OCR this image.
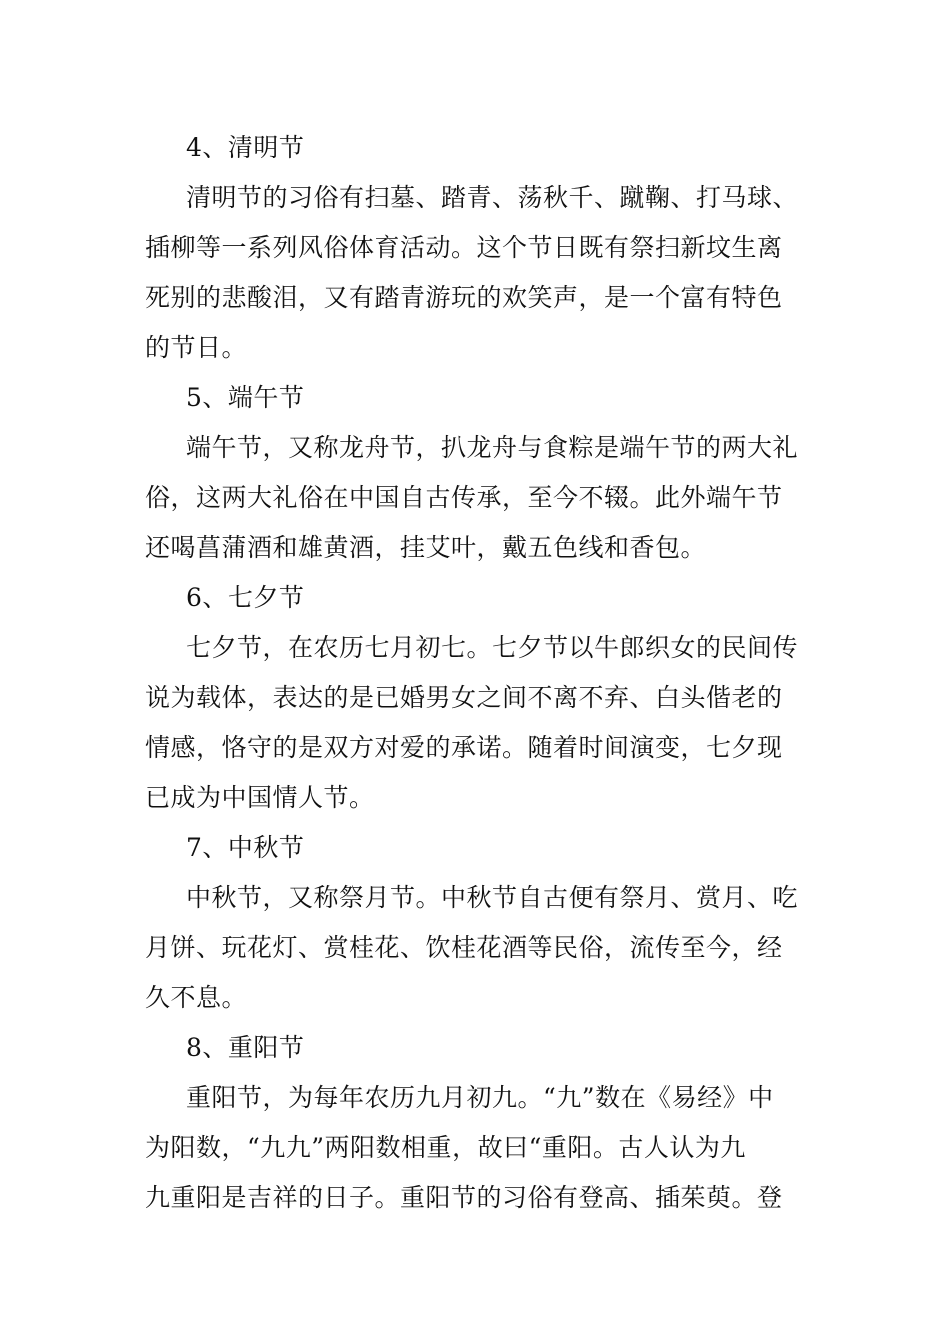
4、清明节
清明节的习俗有扫墓、踏青、荡秋千、蹴鞠、打马球、
插柳等一系列风俗体育活动。这个节日既有祭扫新坟生离
死别的悲酸泪，又有踏青游玩的欢笑声，是一个富有特色
的节日。
5、端午节
端午节，又称龙舟节，扒龙舟与食粽是端午节的两大礼
俗，这两大礼俗在中国自古传承，至今不辍。此外端午节
还喝菖蒲酒和雄黄酒，挂艾叶，戴五色线和香包。
6、七夕节
七夕节，在农历七月初七。七夕节以牛郎织女的民间传
说为载体，表达的是已婚男女之间不离不弃、白头偕老的
情感，恪守的是双方对爱的承诺。随着时间演变，七夕现
已成为中国情人节。
7、中秋节
中秋节，又称祭月节。中秋节自古便有祭月、赏月、吃
月饼、玩花灯、赏桂花、饮桂花酒等民俗，流传至今，经
久不息。
8、重阳节
重阳节，为每年农历九月初九。“九”数在《易经》中
为阳数，“九九”两阳数相重，故曰“重阳。古人认为九
九重阳是吉祥的日子。重阳节的习俗有登高、插茱萸。登
